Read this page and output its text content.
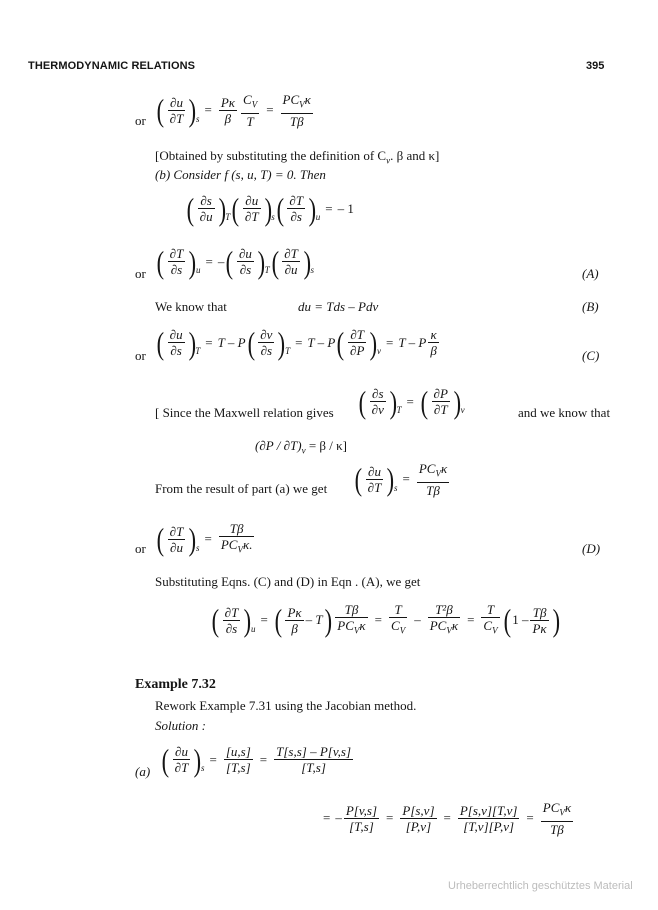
THERMODYNAMIC RELATIONS	395
or ( $\frac{\partial u}{\partial T}$ ) s
= $\frac{P\kappa}{\beta} \frac{C_V}{T} = \frac{PC_V\kappa}{T\beta}$
[Obtained by substituting the definition of $C_v$. β and κ]
(b) Consider f (s, u, T) = 0. Then
( $\frac{\partial s}{\partial u}$ ) T ( $\frac{\partial u}{\partial T}$ ) s ( $\frac{\partial T}{\partial s}$ ) u
= – 1
or ( $\frac{\partial T}{\partial s}$ ) u
= – ( $\frac{\partial u}{\partial s}$ ) T ( $\frac{\partial T}{\partial u}$ ) s	(A)
We know that	du = Tds – Pdv	(B)
or ( $\frac{\partial u}{\partial s}$ ) T
= T – P ( $\frac{\partial v}{\partial s}$ ) T
= T – P ( $\frac{\partial T}{\partial P}$ ) v
= T – P $\frac{\kappa}{\beta}$	(C)
[ Since the Maxwell relation gives ( $\frac{\partial s}{\partial v}$ ) T
= ( $\frac{\partial P}{\partial T}$ ) v	and we know that
$(\partial P / \partial T)_v = \beta / \kappa$]
From the result of part (a) we get ( $\frac{\partial u}{\partial T}$ ) s
= $\frac{PC_V\kappa}{T\beta}$
or ( $\frac{\partial T}{\partial u}$ ) s
= $\frac{T\beta}{PC_V\kappa.}$	(D)
Substituting Eqns. (C) and (D) in Eqn . (A), we get
( $\frac{\partial T}{\partial s}$ ) u
= ( $\frac{P\kappa}{\beta}$ – T ) $\frac{T\beta}{PC_V\kappa} = \frac{T}{C_V} - \frac{\text{T²β}}{PC_V\kappa} = \frac{T}{C_V}$ ( $1 - \frac{T\beta}{P\kappa}$ )
Example 7.32
Rework Example 7.31 using the Jacobian method.
Solution :
(a) ( $\frac{\partial u}{\partial T}$ ) s
= $\frac{[u,s]}{[T,s]} = \frac{T[s,s] - P[v,s]}{[T,s]}$
= – $\frac{P[v,s]}{[T,s]} = \frac{P[s,v]}{[P,v]} = \frac{P[s,v][T,v]}{[T,v][P,v]} = \frac{PC_V\kappa}{T\beta}$
Urheberrechtlich geschütztes Material
